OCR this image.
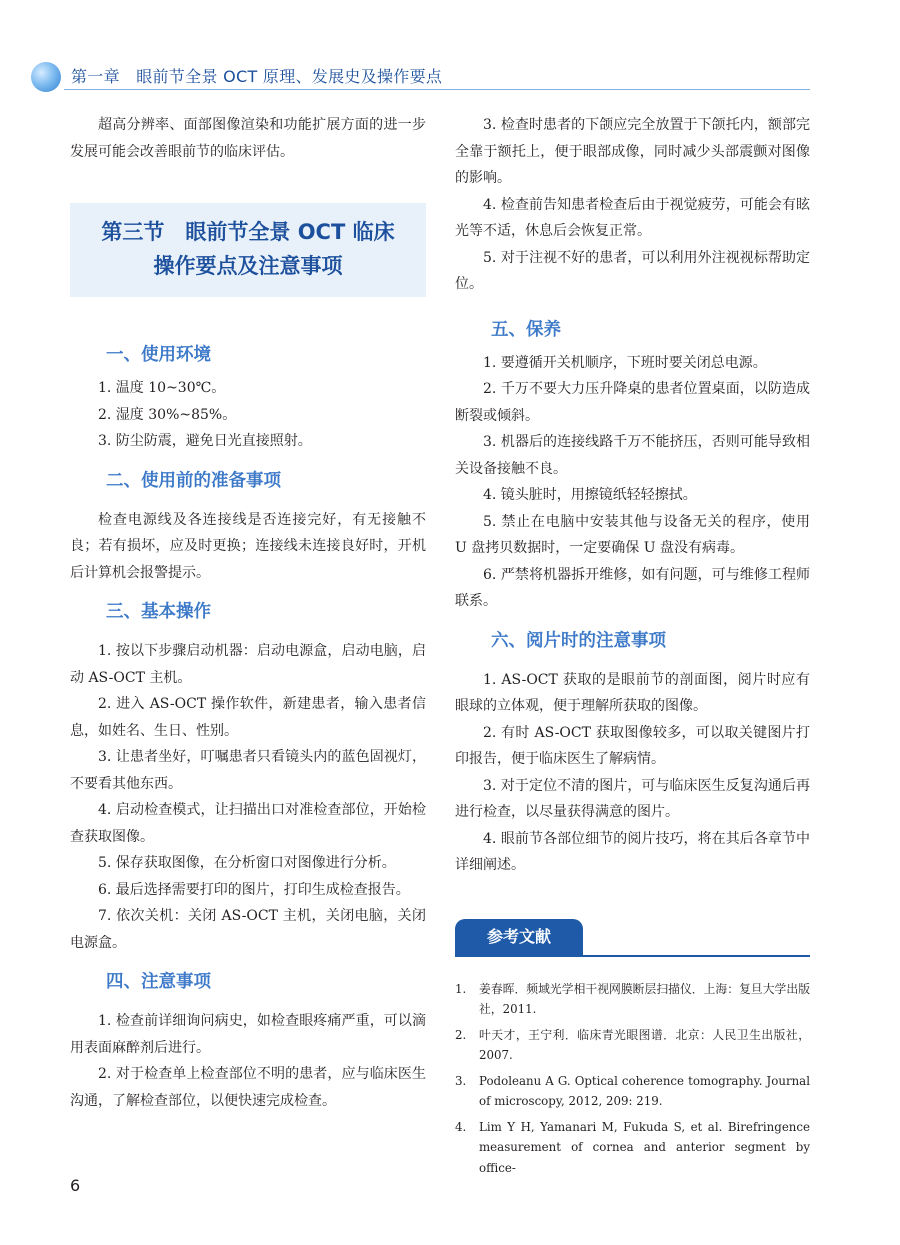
第一章　眼前节全景 OCT 原理、发展史及操作要点

超高分辨率、面部图像渲染和功能扩展方面的进一步发展可能会改善眼前节的临床评估。

第三节　眼前节全景 OCT 临床
操作要点及注意事项
一、使用环境

1. 温度 10~30℃。

2. 湿度 30%~85%。

3. 防尘防震，避免日光直接照射。

二、使用前的准备事项

检查电源线及各连接线是否连接完好，有无接触不良；若有损坏，应及时更换；连接线未连接良好时，开机后计算机会报警提示。

三、基本操作

1. 按以下步骤启动机器：启动电源盒，启动电脑，启动 AS-OCT 主机。

2. 进入 AS-OCT 操作软件，新建患者，输入患者信息，如姓名、生日、性别。

3. 让患者坐好，叮嘱患者只看镜头内的蓝色固视灯，不要看其他东西。

4. 启动检查模式，让扫描出口对准检查部位，开始检查获取图像。

5. 保存获取图像，在分析窗口对图像进行分析。

6. 最后选择需要打印的图片，打印生成检查报告。

7. 依次关机：关闭 AS-OCT 主机，关闭电脑，关闭电源盒。

四、注意事项

1. 检查前详细询问病史，如检查眼疼痛严重，可以滴用表面麻醉剂后进行。

2. 对于检查单上检查部位不明的患者，应与临床医生沟通，了解检查部位，以便快速完成检查。

3. 检查时患者的下颌应完全放置于下颌托内，额部完全靠于额托上，便于眼部成像，同时减少头部震颤对图像的影响。

4. 检查前告知患者检查后由于视觉疲劳，可能会有眩光等不适，休息后会恢复正常。

5. 对于注视不好的患者，可以利用外注视视标帮助定位。

五、保养

1. 要遵循开关机顺序，下班时要关闭总电源。

2. 千万不要大力压升降桌的患者位置桌面，以防造成断裂或倾斜。

3. 机器后的连接线路千万不能挤压，否则可能导致相关设备接触不良。

4. 镜头脏时，用擦镜纸轻轻擦拭。

5. 禁止在电脑中安装其他与设备无关的程序，使用 U 盘拷贝数据时，一定要确保 U 盘没有病毒。

6. 严禁将机器拆开维修，如有问题，可与维修工程师联系。

六、阅片时的注意事项

1. AS-OCT 获取的是眼前节的剖面图，阅片时应有眼球的立体观，便于理解所获取的图像。

2. 有时 AS-OCT 获取图像较多，可以取关键图片打印报告，便于临床医生了解病情。

3. 对于定位不清的图片，可与临床医生反复沟通后再进行检查，以尽量获得满意的图片。

4. 眼前节各部位细节的阅片技巧，将在其后各章节中详细阐述。

参考文献
1. 姜春晖．频域光学相干视网膜断层扫描仪．上海：复旦大学出版社，2011.
2. 叶天才，王宁利．临床青光眼图谱．北京：人民卫生出版社，2007.
3. Podoleanu A G. Optical coherence tomography. Journal of microscopy, 2012, 209: 219.
4. Lim Y H, Yamanari M, Fukuda S, et al. Birefringence measurement of cornea and anterior segment by office-
6
